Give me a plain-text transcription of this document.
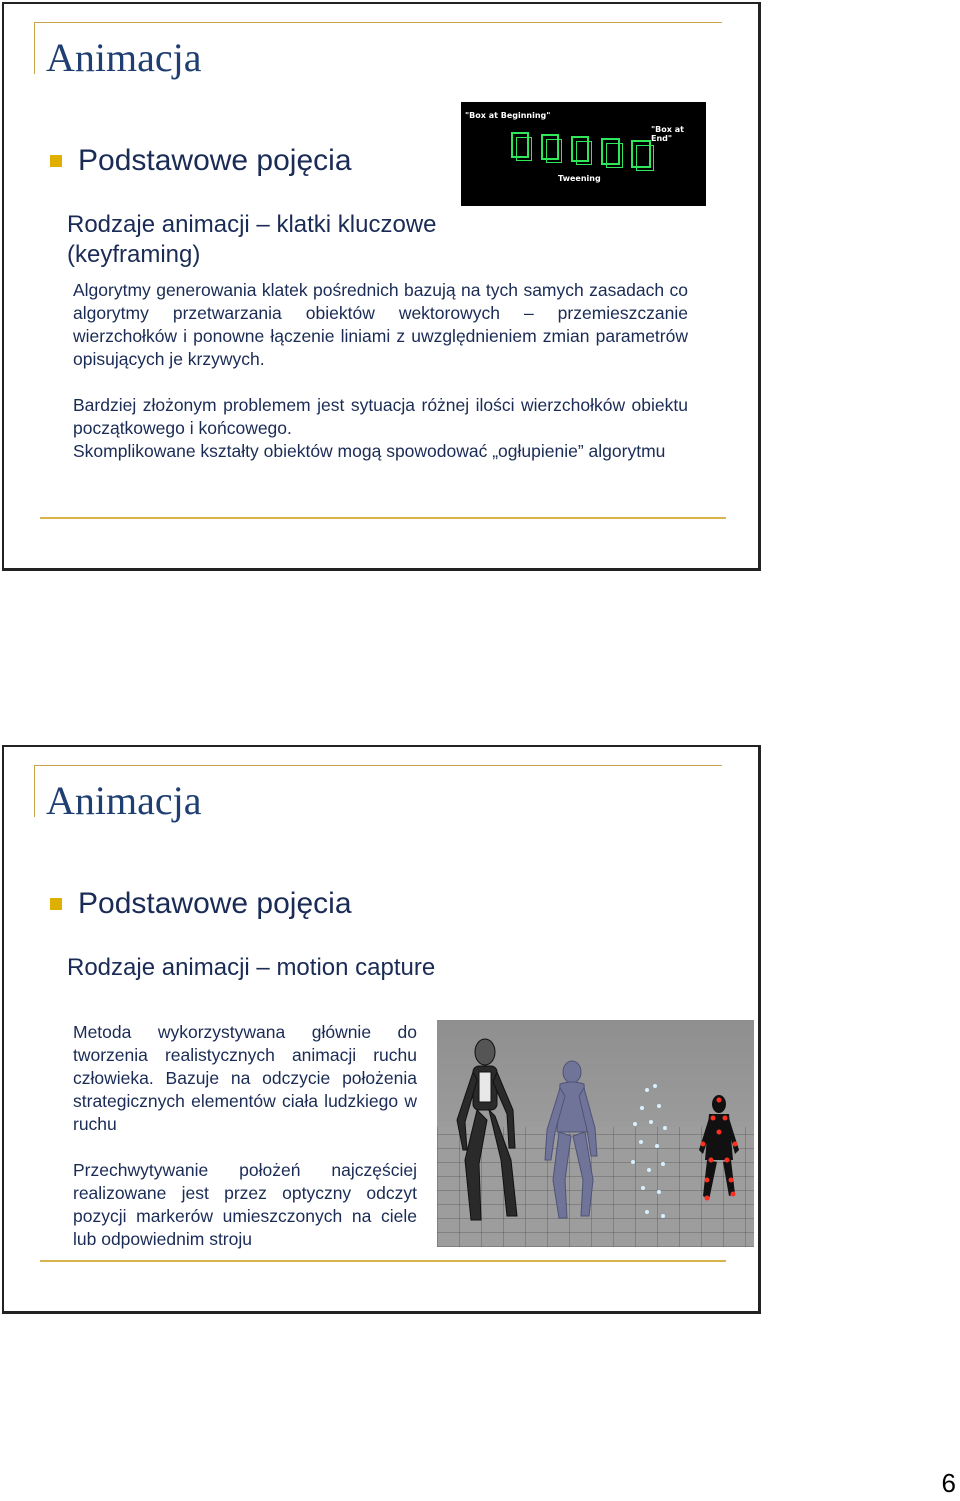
Animacja
"Box at Beginning"
"Box at End"
Tweening
Podstawowe pojęcia
Rodzaje animacji – klatki kluczowe
(keyframing)
Algorytmy generowania klatek pośrednich bazują na tych samych zasadach co algorytmy przetwarzania obiektów wektorowych – przemieszczanie wierzchołków i ponowne łączenie liniami z uwzględnieniem zmian parametrów opisujących je krzywych.
Bardziej złożonym problemem jest sytuacja różnej ilości wierzchołków obiektu początkowego i końcowego.
Skomplikowane kształty obiektów mogą spowodować „ogłupienie” algorytmu
Animacja
Podstawowe pojęcia
Rodzaje animacji – motion capture
Metoda wykorzystywana głównie do tworzenia realistycznych animacji ruchu człowieka. Bazuje na odczycie położenia strategicznych elementów ciała ludzkiego w ruchu
Przechwytywanie położeń najczęściej realizowane jest przez optyczny odczyt pozycji markerów umieszczonych na ciele lub odpowiednim stroju
6
